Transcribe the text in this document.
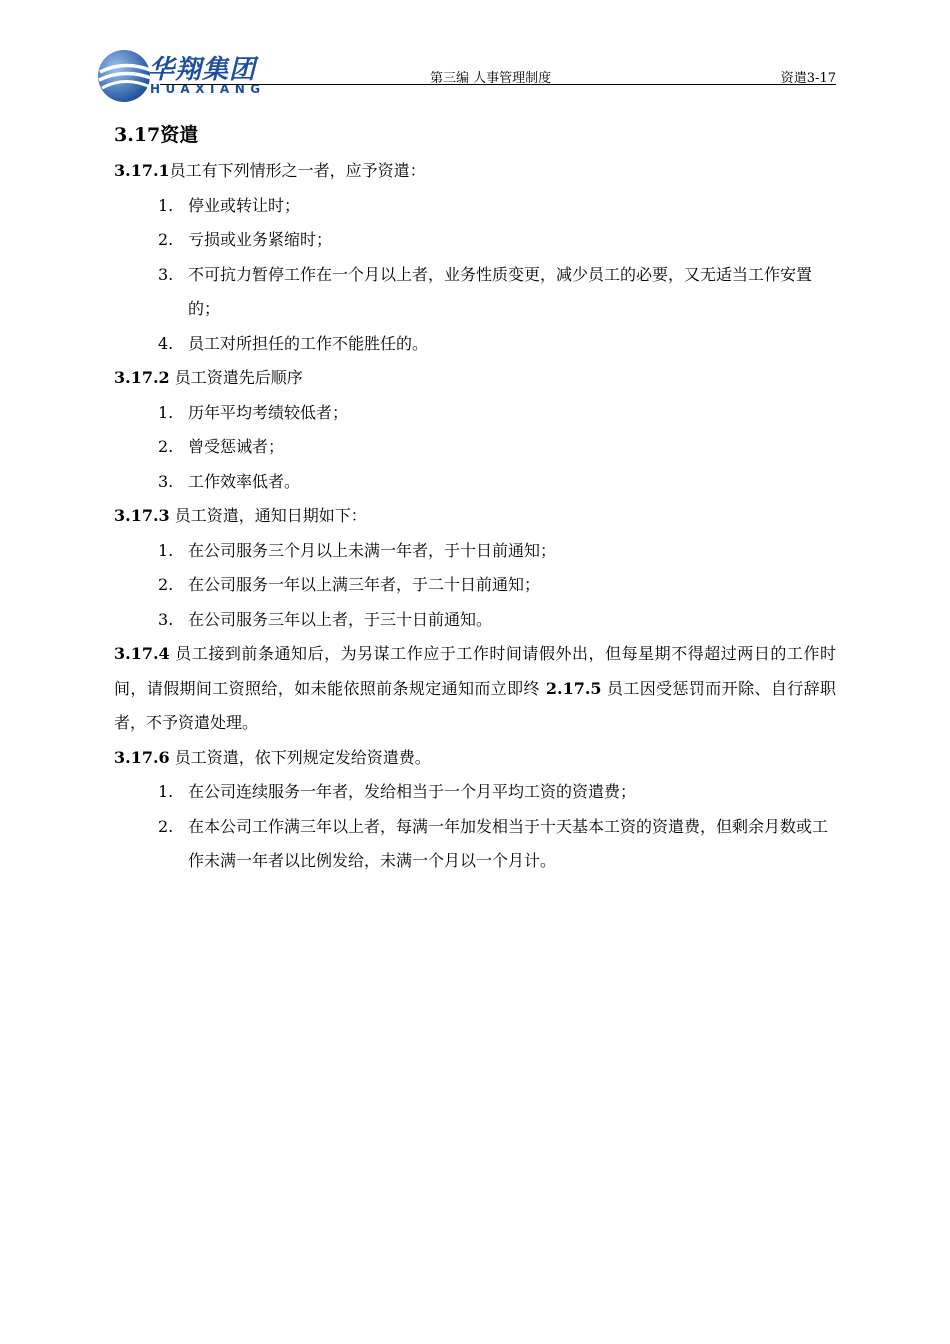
华翔集团
HUAXIANG
第三编 人事管理制度	资遣3-17
3.17资遣

3.17.1员工有下列情形之一者，应予资遣：

1. 停业或转让时；
2. 亏损或业务紧缩时；
3. 不可抗力暂停工作在一个月以上者，业务性质变更，减少员工的必要，又无适当工作安置的；
4. 员工对所担任的工作不能胜任的。

3.17.2 员工资遣先后顺序

1. 历年平均考绩较低者；
2. 曾受惩诫者；
3. 工作效率低者。

3.17.3 员工资遣，通知日期如下：

1. 在公司服务三个月以上未满一年者，于十日前通知；
2. 在公司服务一年以上满三年者，于二十日前通知；
3. 在公司服务三年以上者，于三十日前通知。

3.17.4 员工接到前条通知后，为另谋工作应于工作时间请假外出，但每星期不得超过两日的工作时间，请假期间工资照给，如未能依照前条规定通知而立即终 2.17.5 员工因受惩罚而开除、自行辞职者，不予资遣处理。

3.17.6 员工资遣，依下列规定发给资遣费。

1. 在公司连续服务一年者，发给相当于一个月平均工资的资遣费；
2. 在本公司工作满三年以上者，每满一年加发相当于十天基本工资的资遣费，但剩余月数或工作未满一年者以比例发给，未满一个月以一个月计。
